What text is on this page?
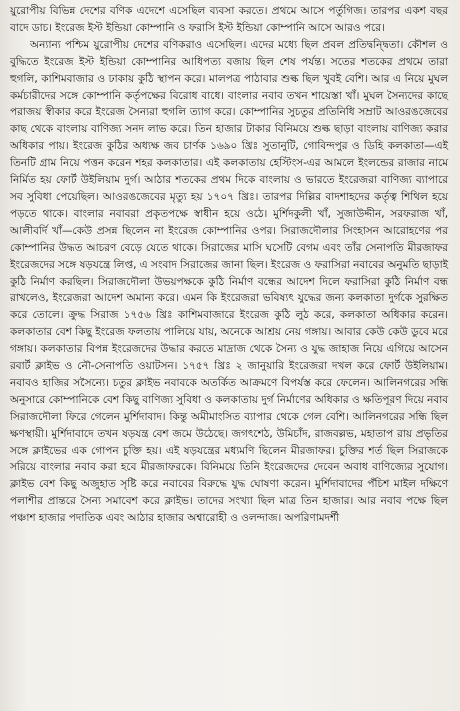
য়ুরোপীয় বিভিন্ন দেশের বণিক এদেশে এসেছিল ব্যবসা করতে। প্রথমে আসে পর্তুগিজ। তারপর একশ বছর বাদে ডাচ। ইংরেজ ইস্ট ইন্ডিয়া কোম্পানি ও ফরাসি ইস্ট ইন্ডিয়া কোম্পানি আসে আরও পরে।

অন্যান্য পশ্চিম য়ুরোপীয় দেশের বণিকরাও এসেছিল। এদের মধ্যে ছিল প্রবল প্রতিদ্বন্দ্বিতা। কৌশল ও বুদ্ধিতে ইংরেজ ইস্ট ইন্ডিয়া কোম্পানির আধিপত্য বজায় ছিল শেষ পর্যন্ত। সতের শতকের প্রথমে তারা হুগলি, কাশিমবাজার ও ঢাকায় কুঠি স্থাপন করে। মালপত্র পাঠাবার শুল্ক ছিল খুবই বেশি। আর এ নিয়ে মুঘল কর্মচারীদের সঙ্গে কোম্পানি কর্তৃপক্ষের বিরোধ বাধে। বাংলার নবাব তখন শায়েস্তা খাঁ। মুঘল সৈন্যদের কাছে পরাজয় স্বীকার করে ইংরেজ সৈন্যরা হুগলি ত্যাগ করে। কোম্পানির সুচতুর প্রতিনিধি সম্রাট আওরঙজেবের কাছ থেকে বাংলায় বাণিজ্য সনদ লাভ করে। তিন হাজার টাকার বিনিময়ে শুল্ক ছাড়া বাংলায় বাণিজ্য করার অধিকার পায়। ইংরেজ কুঠির অধ্যক্ষ জব চার্ণক ১৬৯০ খ্রিঃ সুতানুটি, গোবিন্দপুর ও ডিহি কলকাতা—এই তিনটি গ্রাম নিয়ে পত্তন করেন শহর কলকাতার। এই কলকাতায় হেস্টিংস-এর আমলে ইংলন্ডের রাজার নামে নির্মিত হয় ফোর্ট উইলিয়াম দুর্গ। আঠার শতকের প্রথম দিকে বাংলায় ও ভারতে ইংরেজরা বাণিজ্য ব্যাপারে সব সুবিধা পেয়েছিল। আওরঙজেবের মৃত্যু হয় ১৭০৭ খ্রিঃ। তারপর দিল্লির বাদশাহদের কর্তৃত্ব শিথিল হয়ে পড়তে থাকে। বাংলার নবাবরা প্রকৃতপক্ষে স্বাধীন হয়ে ওঠে। মুর্শিদকুলী খাঁ, সুজাউদ্দীন, সরফরাজ খাঁ, আলীবর্দি খাঁ—কেউ প্রসন্ন ছিলেন না ইংরেজ কোম্পানির ওপর। সিরাজদৌলার সিংহাসন আরোহণের পর কোম্পানির উদ্ধত আচরণ বেড়ে যেতে থাকে। সিরাজের মাসি ঘসেটি বেগম এবং তাঁর সেনাপতি মীরজাফর ইংরেজদের সঙ্গে ষড়যন্ত্রে লিপ্ত, এ সংবাদ সিরাজের জানা ছিল। ইংরেজ ও ফরাসিরা নবাবের অনুমতি ছাড়াই কুঠি নির্মাণ করছিল। সিরাজদৌলা উভয়পক্ষকে কুঠি নির্মাণ বন্ধের আদেশ দিলে ফরাসিরা কুঠি নির্মাণ বন্ধ রাখলেও, ইংরেজরা আদেশ অমান্য করে। এমন কি ইংরেজরা ভবিষ্যৎ যুদ্ধের জন্য কলকাতা দুর্গকে সুরক্ষিত করে তোলে। ক্রুদ্ধ সিরাজ ১৭৫৬ খ্রিঃ কাশিমবাজারে ইংরেজ কুঠি লুঠ করে, কলকাতা অধিকার করেন। কলকাতার বেশ কিছু ইংরেজ ফলতায় পালিয়ে যায়, অনেকে আশ্রয় নেয় গঙ্গায়। আবার কেউ কেউ ডুবে মরে গঙ্গায়। কলকাতার বিপন্ন ইংরেজদের উদ্ধার করতে মাদ্রাজ থেকে সৈন্য ও যুদ্ধ জাহাজ নিয়ে এগিয়ে আসেন রবার্ট ক্লাইভ ও নৌ-সেনাপতি ওয়াটসন। ১৭৫৭ খ্রিঃ ২ জানুয়ারি ইংরেজরা দখল করে ফোর্ট উইলিয়াম। নবাবও হাজির সসৈন্যে। চতুর ক্লাইভ নবাবকে অতর্কিত আক্রমণে বিপর্যস্ত করে ফেলেন। আলিনগরের সন্ধি অনুসারে কোম্পানিকে বেশ কিছু বাণিজ্য সুবিধা ও কলকাতায় দুর্গ নির্মাণের অধিকার ও ক্ষতিপূরণ দিয়ে নবাব সিরাজদৌলা ফিরে গেলেন মুর্শিদাবাদ। কিন্তু অমীমাংসিত ব্যাপার থেকে গেল বেশি। আলিনগরের সন্ধি ছিল ক্ষণস্থায়ী। মুর্শিদাবাদে তখন ষড়যন্ত্র বেশ জমে উঠেছে। জগৎশেঠ, উমিচাঁদ, রাজবল্লভ, মহাতাপ রায় প্রভৃতির সঙ্গে ক্লাইভের এক গোপন চুক্তি হয়। এই ষড়যন্ত্রের মধ্যমণি ছিলেন মীরজাফর। চুক্তির শর্ত ছিল সিরাজকে সরিয়ে বাংলার নবাব করা হবে মীরজাফরকে। বিনিময়ে তিনি ইংরেজদের দেবেন অবাধ বাণিজ্যের সুযোগ। ক্লাইভ বেশ কিছু অজুহাত সৃষ্টি করে নবাবের বিরুদ্ধে যুদ্ধ ঘোষণা করেন। মুর্শিদাবাদের পঁচিশ মাইল দক্ষিণে পলাশীর প্রান্তরে সৈন্য সমাবেশ করে ক্লাইভ। তাদের সংখ্যা ছিল মাত্র তিন হাজার। আর নবাব পক্ষে ছিল পঞ্চাশ হাজার পদাতিক এবং আঠার হাজার অশ্বারোহী ও ওলন্দাজ। অপরিণামদর্শী
